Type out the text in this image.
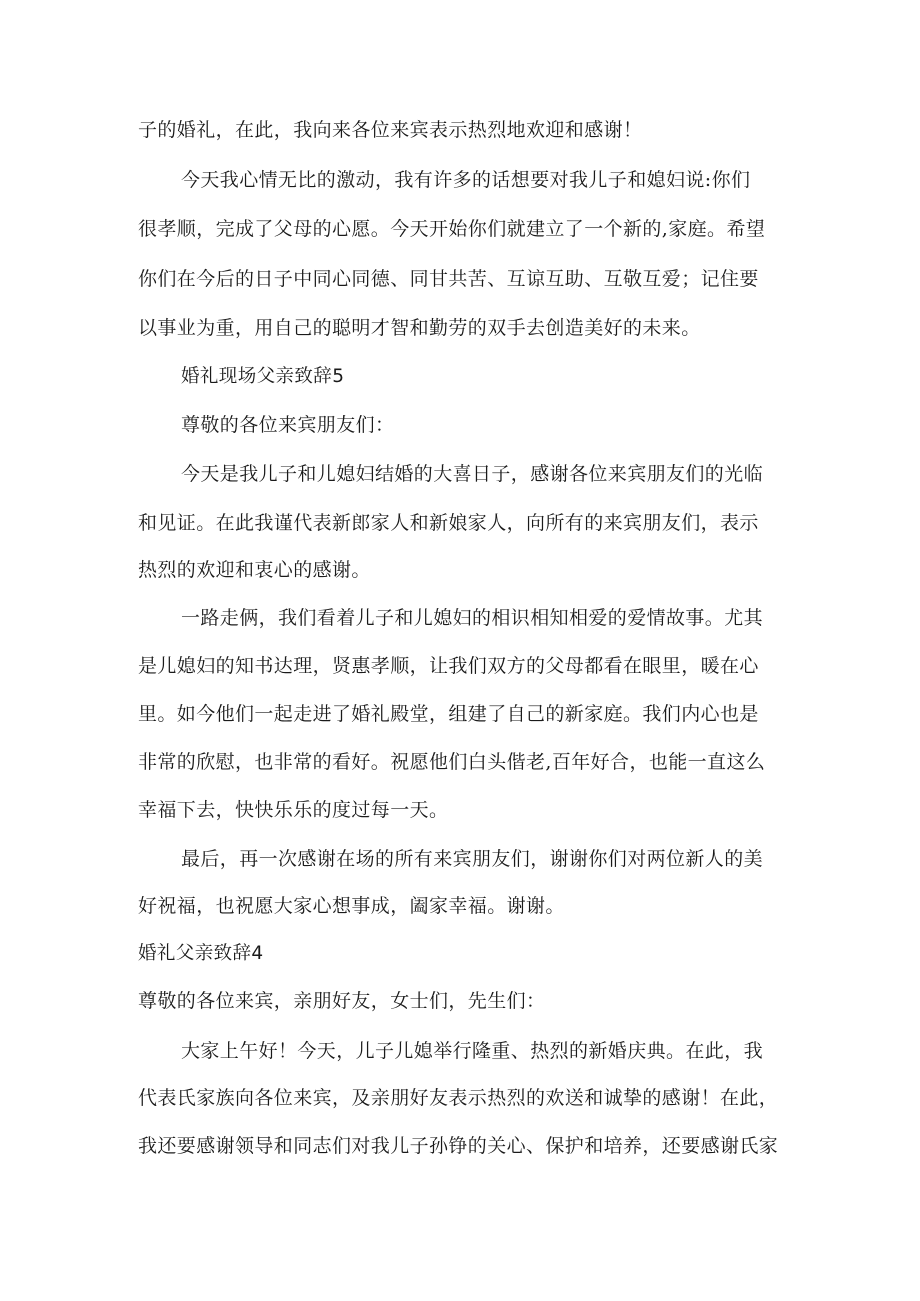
子的婚礼，在此，我向来各位来宾表示热烈地欢迎和感谢！
今天我心情无比的激动，我有许多的话想要对我儿子和媳妇说:你们
很孝顺，完成了父母的心愿。今天开始你们就建立了一个新的,家庭。希望
你们在今后的日子中同心同德、同甘共苦、互谅互助、互敬互爱；记住要
以事业为重，用自己的聪明才智和勤劳的双手去创造美好的未来。
婚礼现场父亲致辞5
尊敬的各位来宾朋友们：
今天是我儿子和儿媳妇结婚的大喜日子，感谢各位来宾朋友们的光临
和见证。在此我谨代表新郎家人和新娘家人，向所有的来宾朋友们，表示
热烈的欢迎和衷心的感谢。
一路走俩，我们看着儿子和儿媳妇的相识相知相爱的爱情故事。尤其
是儿媳妇的知书达理，贤惠孝顺，让我们双方的父母都看在眼里，暖在心
里。如今他们一起走进了婚礼殿堂，组建了自己的新家庭。我们内心也是
非常的欣慰，也非常的看好。祝愿他们白头偕老,百年好合，也能一直这么
幸福下去，快快乐乐的度过每一天。
最后，再一次感谢在场的所有来宾朋友们，谢谢你们对两位新人的美
好祝福，也祝愿大家心想事成，阖家幸福。谢谢。
婚礼父亲致辞4
尊敬的各位来宾，亲朋好友，女士们，先生们：
大家上午好！今天，儿子儿媳举行隆重、热烈的新婚庆典。在此，我
代表氏家族向各位来宾，及亲朋好友表示热烈的欢送和诚挚的感谢！在此，
我还要感谢领导和同志们对我儿子孙铮的关心、保护和培养，还要感谢氏家
